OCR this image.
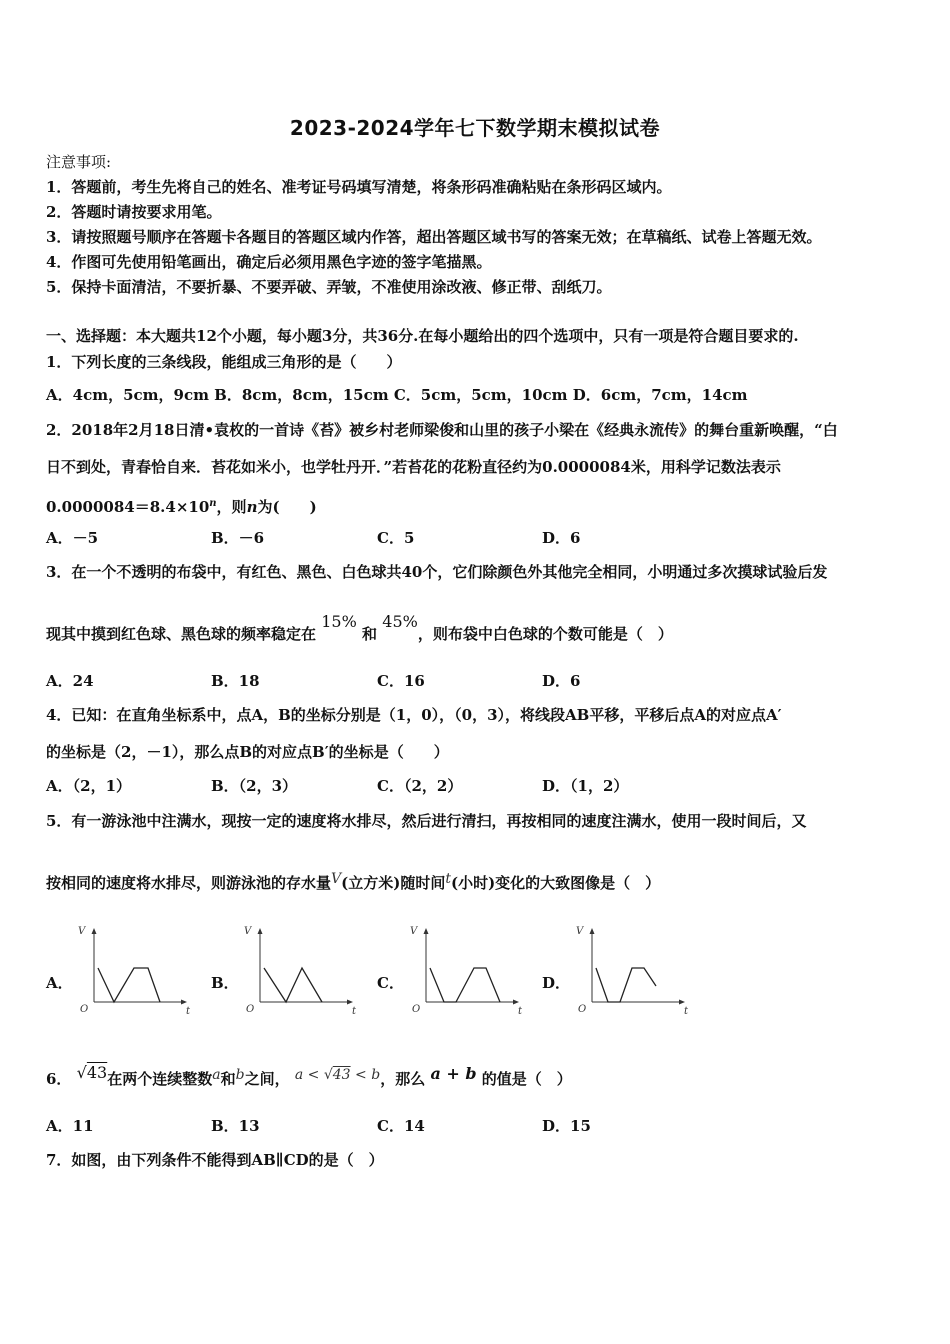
2023-2024学年七下数学期末模拟试卷
注意事项:
1．答题前，考生先将自己的姓名、准考证号码填写清楚，将条形码准确粘贴在条形码区域内。
2．答题时请按要求用笔。
3．请按照题号顺序在答题卡各题目的答题区域内作答，超出答题区域书写的答案无效；在草稿纸、试卷上答题无效。
4．作图可先使用铅笔画出，确定后必须用黑色字迹的签字笔描黑。
5．保持卡面清洁，不要折暴、不要弄破、弄皱，不准使用涂改液、修正带、刮纸刀。
一、选择题：本大题共12个小题，每小题3分，共36分.在每小题给出的四个选项中，只有一项是符合题目要求的.
1．下列长度的三条线段，能组成三角形的是（　　）
A．4cm，5cm，9cm B．8cm，8cm，15cm C．5cm，5cm，10cm D．6cm，7cm，14cm
2．2018年2月18日清•袁枚的一首诗《苔》被乡村老师梁俊和山里的孩子小梁在《经典永流传》的舞台重新唤醒，“白
日不到处，青春恰自来．苔花如米小，也学牡丹开．”若苔花的花粉直径约为0.0000084米，用科学记数法表示
$0.0000084=8.4\times 10^n$，则n为(　　)
A．－5	B．－6	C．5	D．6
3．在一个不透明的布袋中，有红色、黑色、白色球共40个，它们除颜色外其他完全相同，小明通过多次摸球试验后发
现其中摸到红色球、黑色球的频率稳定在 15% 和 45%，则布袋中白色球的个数可能是（　）
A．24	B．18	C．16	D．6
4．已知：在直角坐标系中，点A，B的坐标分别是（1，0），（0，3），将线段AB平移，平移后点A的对应点A′
的坐标是（2，－1），那么点B的对应点B′的坐标是（　　）
A．（2，1）	B．（2，3）	C．（2，2）	D．（1，2）
5．有一游泳池中注满水，现按一定的速度将水排尽，然后进行清扫，再按相同的速度注满水，使用一段时间后，又
按相同的速度将水排尽，则游泳池的存水量V(立方米)随时间t(小时)变化的大致图像是（　）
A．
V
O	t
B．
V
O	t
C．
V
O	t
D．
V
O	t
6． √43在两个连续整数a和b之间， a < √43 < b，那么 a + b 的值是（　）
A．11	B．13	C．14	D．15
7．如图，由下列条件不能得到AB∥CD的是（　）
